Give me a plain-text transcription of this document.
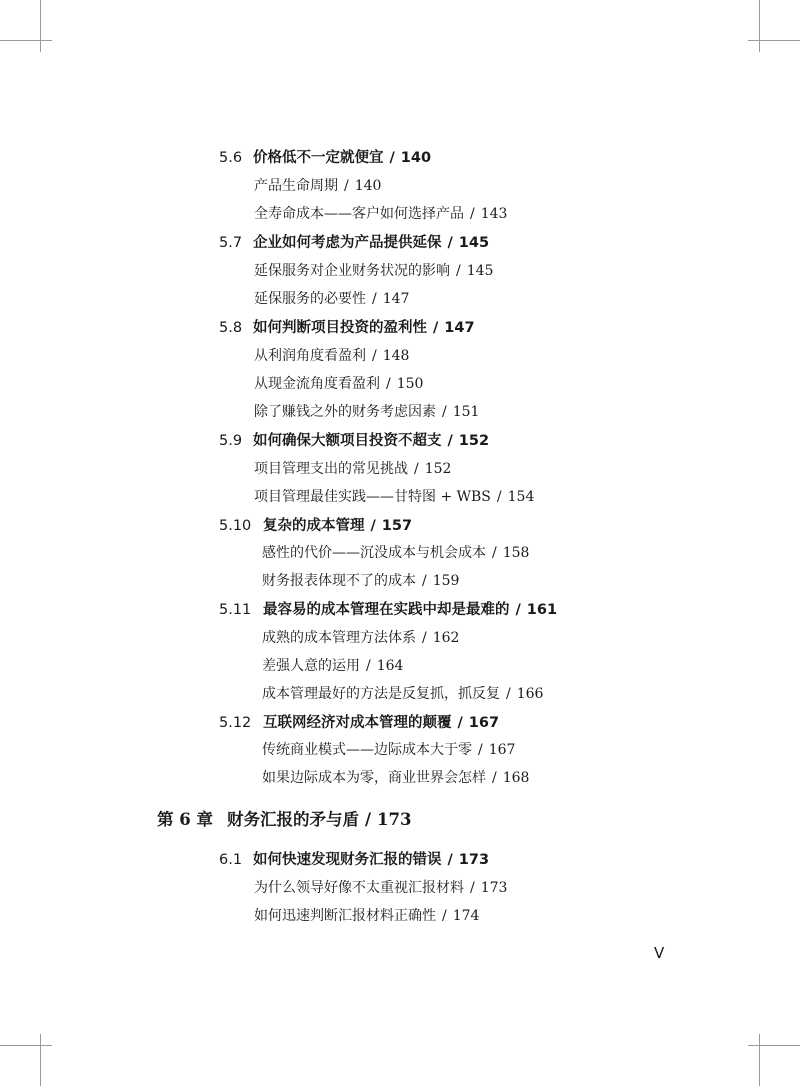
5.6 价格低不一定就便宜 / 140
产品生命周期 / 140
全寿命成本——客户如何选择产品 / 143
5.7 企业如何考虑为产品提供延保 / 145
延保服务对企业财务状况的影响 / 145
延保服务的必要性 / 147
5.8 如何判断项目投资的盈利性 / 147
从利润角度看盈利 / 148
从现金流角度看盈利 / 150
除了赚钱之外的财务考虑因素 / 151
5.9 如何确保大额项目投资不超支 / 152
项目管理支出的常见挑战 / 152
项目管理最佳实践——甘特图 + WBS / 154
5.10 复杂的成本管理 / 157
感性的代价——沉没成本与机会成本 / 158
财务报表体现不了的成本 / 159
5.11 最容易的成本管理在实践中却是最难的 / 161
成熟的成本管理方法体系 / 162
差强人意的运用 / 164
成本管理最好的方法是反复抓，抓反复 / 166
5.12 互联网经济对成本管理的颠覆 / 167
传统商业模式——边际成本大于零 / 167
如果边际成本为零，商业世界会怎样 / 168
第 6 章 财务汇报的矛与盾 / 173
6.1 如何快速发现财务汇报的错误 / 173
为什么领导好像不太重视汇报材料 / 173
如何迅速判断汇报材料正确性 / 174
V
